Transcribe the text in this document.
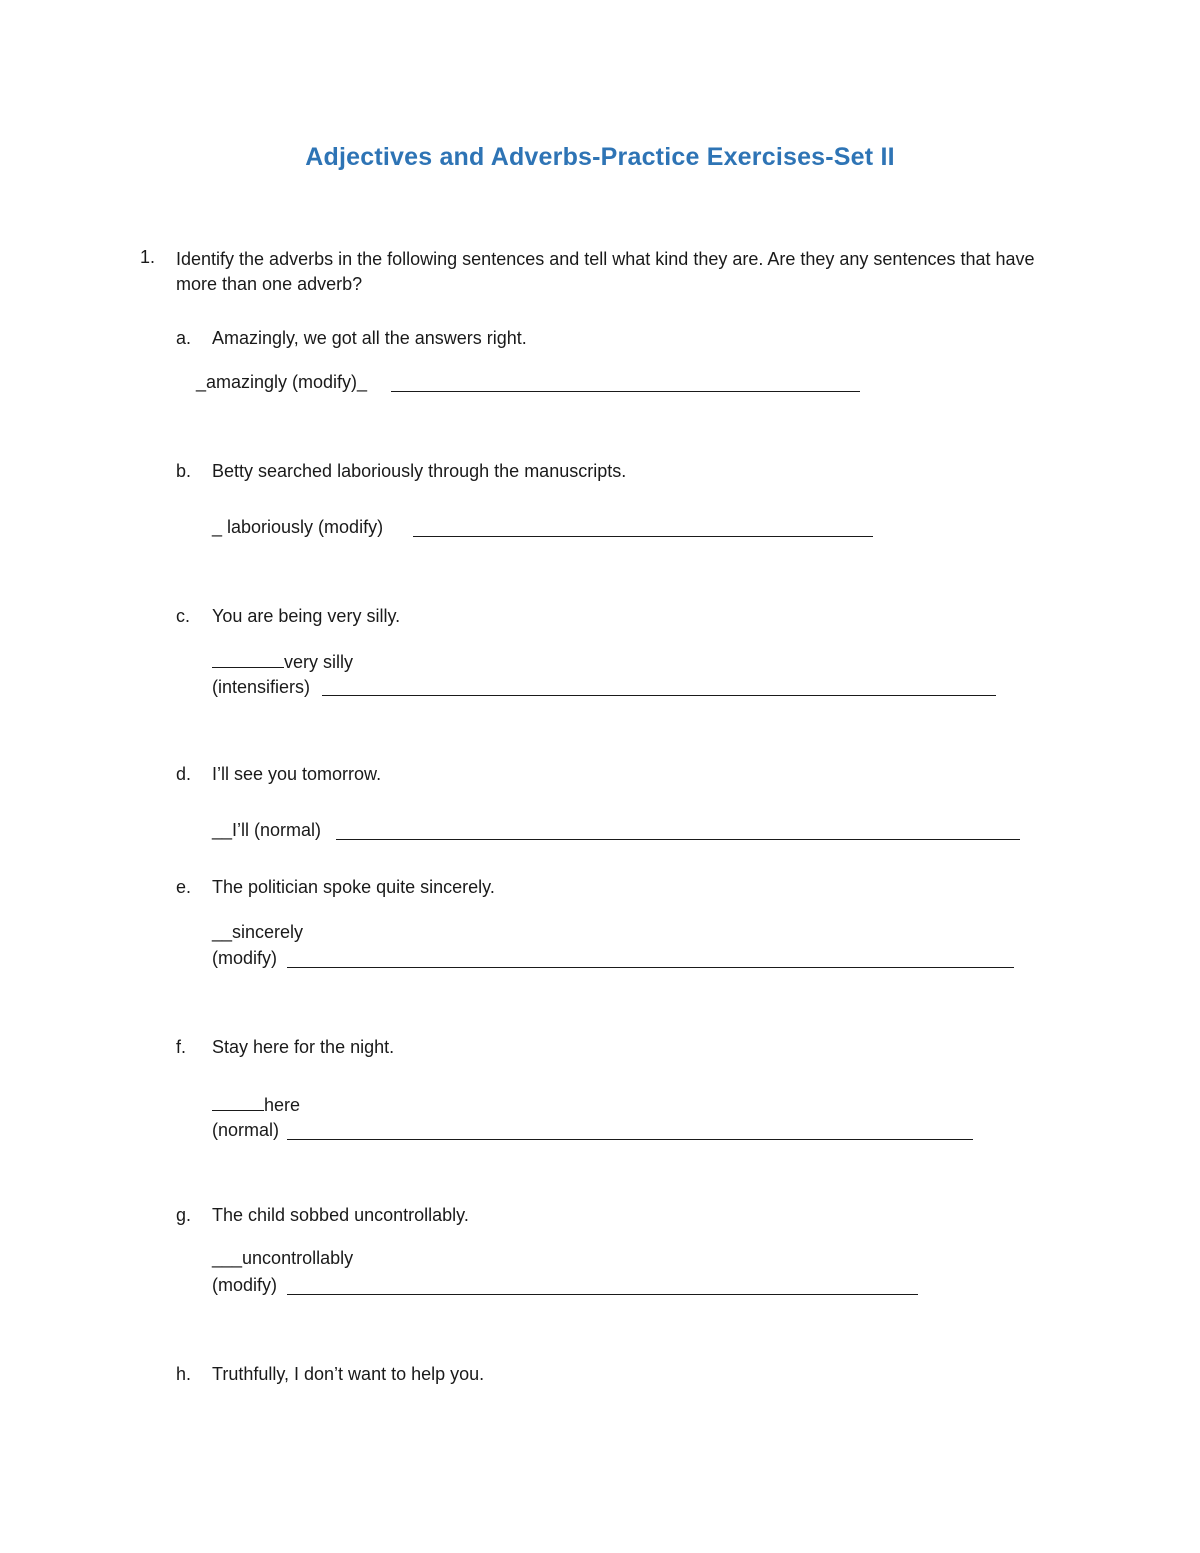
Adjectives and Adverbs-Practice Exercises-Set II
1. Identify the adverbs in the following sentences and tell what kind they are. Are they any sentences that have more than one adverb?
a. Amazingly, we got all the answers right.
_amazingly (modify)_
b. Betty searched laboriously through the manuscripts.
_ laboriously (modify)
c. You are being very silly.
very silly
(intensifiers)
d. I’ll see you tomorrow.
__I’ll (normal)
e. The politician spoke quite sincerely.
__sincerely
(modify)
f. Stay here for the night.
here
(normal)
g. The child sobbed uncontrollably.
___uncontrollably
(modify)
h. Truthfully, I don’t want to help you.
